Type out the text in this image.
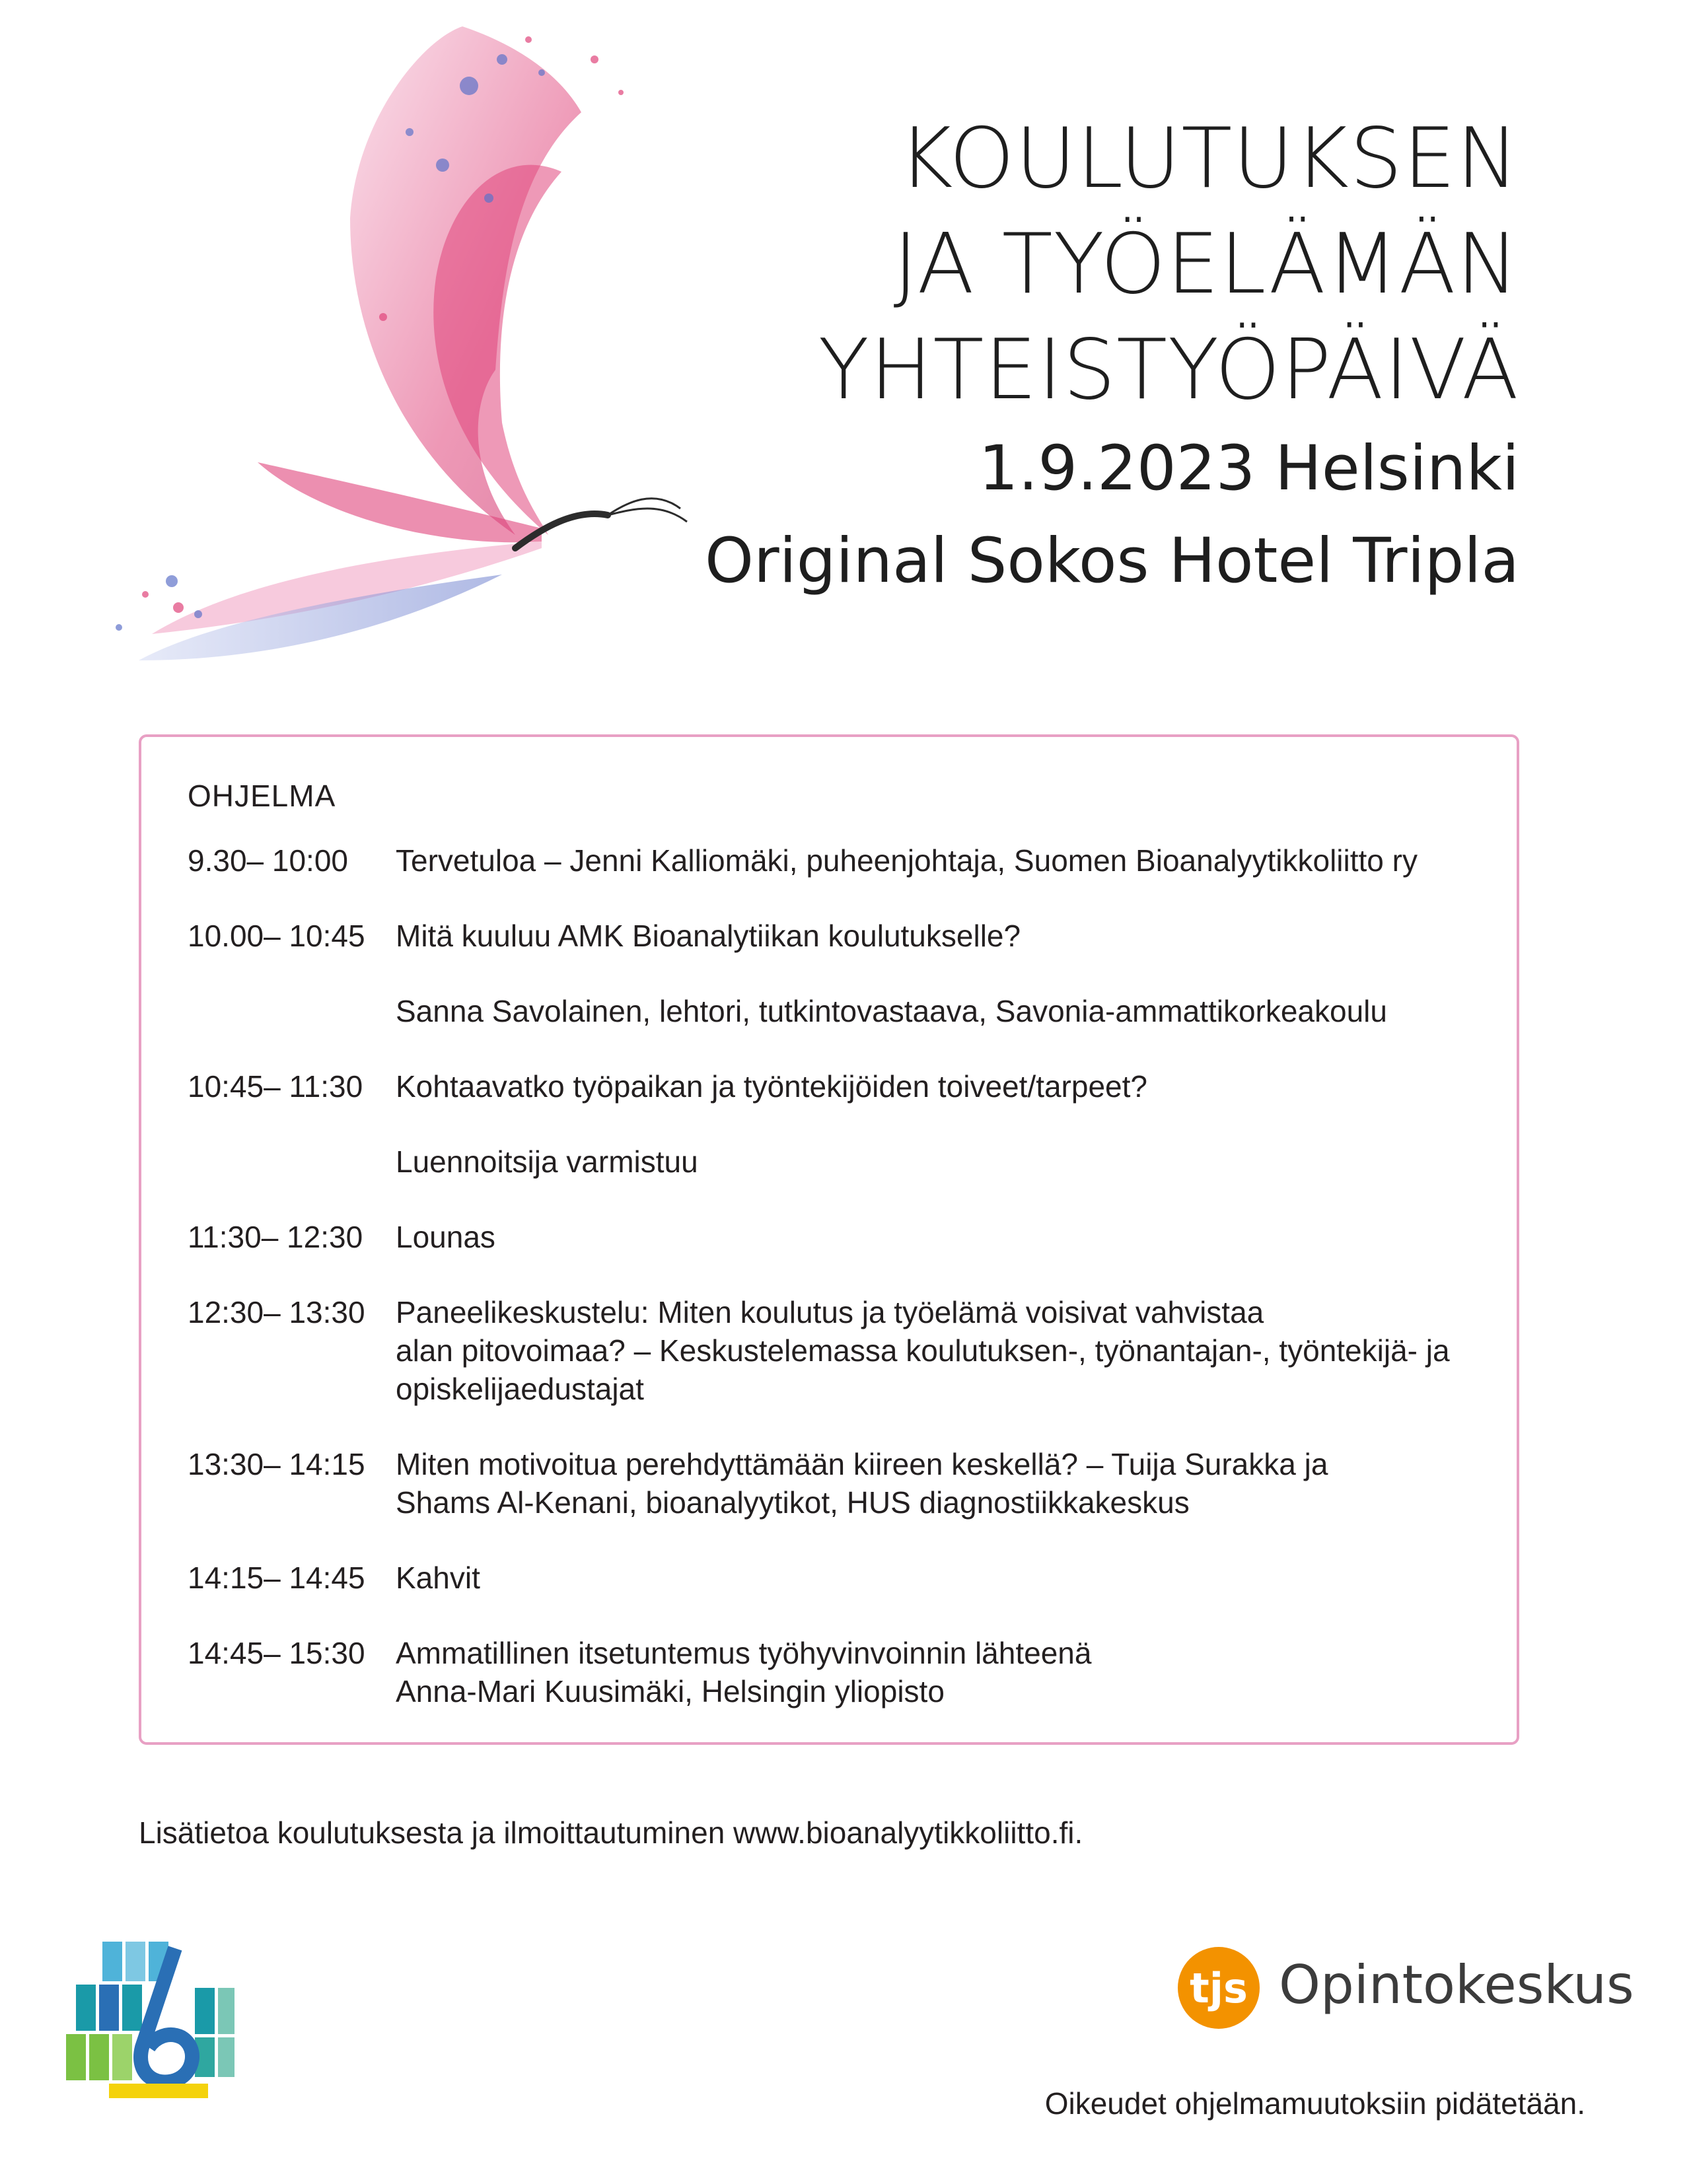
KOULUTUKSEN
JA TYÖELÄMÄN
YHTEISTYÖPÄIVÄ
1.9.2023 Helsinki
Original Sokos Hotel Tripla
OHJELMA
9.30– 10:00	Tervetuloa – Jenni Kalliomäki, puheenjohtaja, Suomen Bioanalyytikkoliitto ry
10.00– 10:45	Mitä kuuluu AMK Bioanalytiikan koulutukselle?
Sanna Savolainen, lehtori, tutkintovastaava, Savonia-ammattikorkeakoulu
10:45– 11:30	Kohtaavatko työpaikan ja työntekijöiden toiveet/tarpeet?
Luennoitsija varmistuu
11:30– 12:30	Lounas
12:30– 13:30	Paneelikeskustelu: Miten koulutus ja työelämä voisivat vahvistaa
alan pitovoimaa? – Keskustelemassa koulutuksen-, työnantajan-, työntekijä- ja
opiskelijaedustajat
13:30– 14:15	Miten motivoitua perehdyttämään kiireen keskellä? – Tuija Surakka ja
Shams Al-Kenani, bioanalyytikot, HUS diagnostiikkakeskus
14:15– 14:45	Kahvit
14:45– 15:30	Ammatillinen itsetuntemus työhyvinvoinnin lähteenä
Anna-Mari Kuusimäki, Helsingin yliopisto
Lisätietoa koulutuksesta ja ilmoittautuminen www.bioanalyytikkoliitto.fi.
tjs Opintokeskus
Oikeudet ohjelmamuutoksiin pidätetään.
